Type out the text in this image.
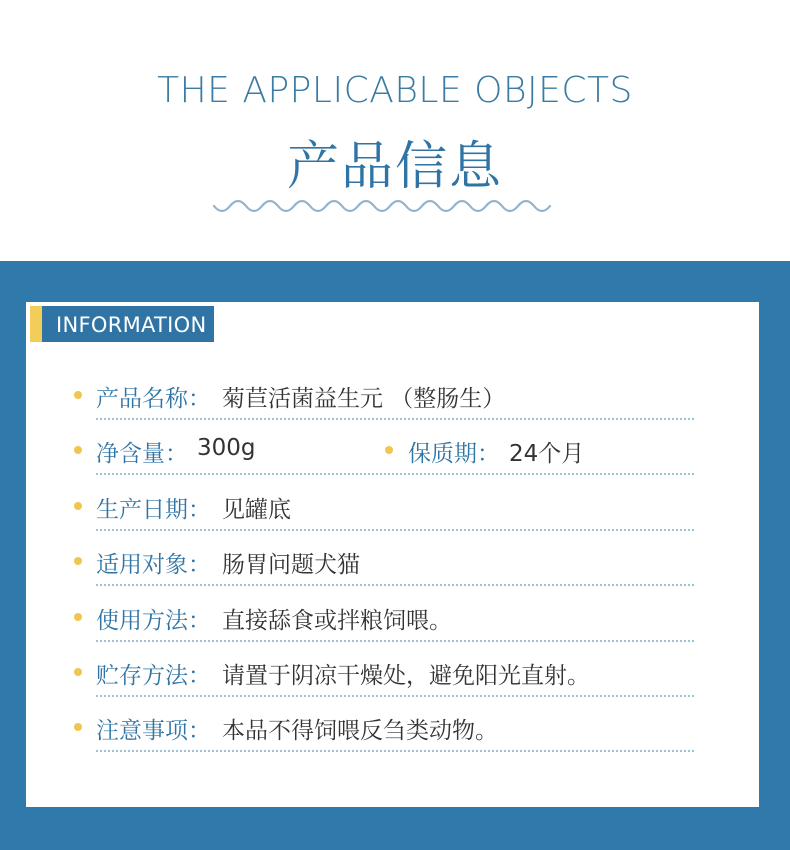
THE APPLICABLE OBJECTS
产品信息
INFORMATION
产品名称： 菊苣活菌益生元 （整肠生）
净含量： 300g	保质期： 24个月
生产日期： 见罐底
适用对象： 肠胃问题犬猫
使用方法： 直接舔食或拌粮饲喂。
贮存方法： 请置于阴凉干燥处，避免阳光直射。
注意事项： 本品不得饲喂反刍类动物。
